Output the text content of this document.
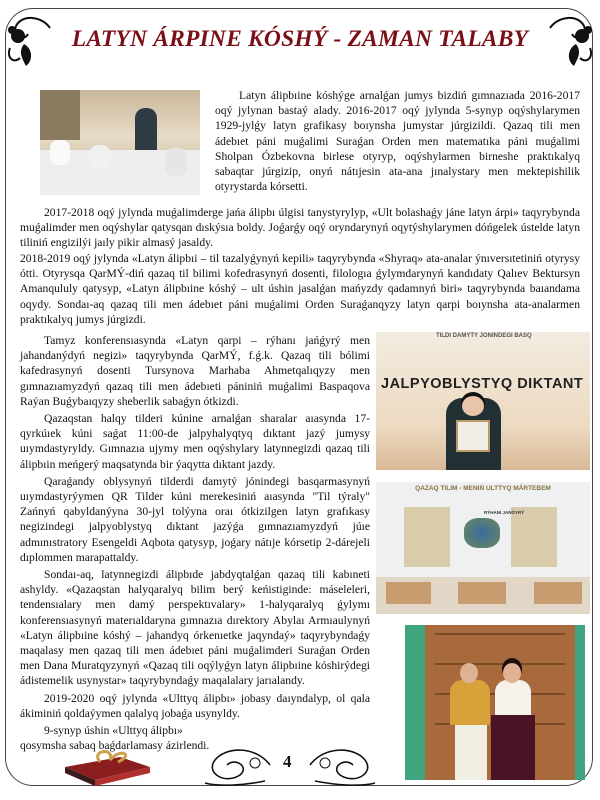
LATYN ÁRPINE KÓSHÝ - ZAMAN TALABY

Latyn álipbıine kóshýge arnalǵan jumys bizdiń gımnazıada 2016-2017 oqý jylynan bastaý alady. 2016-2017 oqý jylynda 5-synyp oqýshylarymen 1929-jylǵy latyn grafikasy boıynsha jumystar júrgizildi. Qazaq tili men ádebıet páni muǵalimi Suraǵan Orden men matematıka páni muǵalimi Sholpan Ózbekovna birlese otyryp, oqýshylarmen birneshe praktıkalyq sabaqtar júrgizip, onyń nátıjesin ata-ana jınalystary men mektepishilik otyrystarda kórsetti.

2017-2018 oqý jylynda muǵalimderge jańa álipbı úlgisi tanystyrylyp, «Ult bolashaǵy jáne latyn árpi» taqyrybynda muǵalimder men oqýshylar qatysqan dıskýsıa boldy. Joǵarǵy oqý oryndarynyń oqytýshylarymen dóńgelek ústelde latyn tiliniń engizilýi jaıly pikir almasý jasaldy.

2018-2019 oqý jylynda «Latyn álipbıi – til tazalyǵynyń kepili» taqyrybynda «Shyraq» ata-analar ýnıversıtetiniń otyrysy ótti. Otyrysqa QarMÝ-diń qazaq til bilimi kofedrasynyń dosenti, filologıa ǵylymdarynyń kandıdaty Qalıev Bektursyn Amanqululy qatysyp, «Latyn álipbıine kóshý – ult úshin jasalǵan mańyzdy qadamnyń biri» taqyrybynda baıandama oqydy. Sondaı-aq qazaq tili men ádebıet páni muǵalimi Orden Suraǵanqyzy latyn qarpi boıynsha ata-analarmen praktıkalyq jumys júrgizdi.

Tamyz konferensıasynda «Latyn qarpi – rýhanı jańǵyrý men jahandanýdyń negizi» taqyrybynda QarMÝ, f.ǵ.k. Qazaq tili bólimi kafedrasynyń dosenti Tursynova Marhaba Ahmetqalıqyzy men gımnazıamyzdyń qazaq tili men ádebıeti pániniń muǵalimi Baspaqova Raýan Buǵybaıqyzy sheberlik sabaǵyn ótkizdi.

Qazaqstan halqy tilderi kúnine arnalǵan sharalar aıasynda 17-qyrkúıek kúni saǵat 11:00-de jalpyhalyqtyq dıktant jazý jumysy uıymdastyryldy. Gımnazıa ujymy men oqýshylary latynnegizdi qazaq tili álipbıin meńgerý maqsatynda bir ýaqytta dıktant jazdy.

Qaraǵandy oblysynyń tilderdi damytý jónindegi basqarmasynyń uıymdastyrýymen QR Tilder kúni merekesiniń aıasynda "Til týraly" Zańnyń qabyldanýyna 30-jyl tolýyna oraı ótkizilgen latyn grafıkasy negizindegi jalpyoblystyq dıktant jazýǵa gımnazıamyzdyń júıe admınıstratory Esengeldi Aqbota qatysyp, joǵary nátıje kórsetip 2-dárejeli dıplommen marapattaldy.

Sondaı-aq, latynnegizdi álipbıde jabdyqtalǵan qazaq tili kabıneti ashyldy. «Qazaqstan halyqaralyq bilim berý keńistiginde: máseleleri, tendensıalary men damý perspektıvalary» 1-halyqaralyq ǵylymı konferensıasynyń materıaldaryna gımnazıa dırektory Abylaı Armıaulynyń «Latyn álipbıine kóshý – jahandyq órkenıetke jaqyndaý» taqyrybyndaǵy maqalasy men qazaq tili men ádebıet páni muǵalimderi Suraǵan Orden men Dana Muratqyzynyń «Qazaq tili oqýlyǵyn latyn álipbıine kóshirýdegi ádistemelik usynystar» taqyrybyndaǵy maqalalary jarıalandy.

2019-2020 oqý jylynda «Ulttyq álipbı» jobasy daıyndalyp, ol qala ákiminiń qoldaýymen qalalyq jobaǵa usynyldy.

9-synyp úshin «Ulttyq álipbı»

qosymsha sabaq baǵdarlamasy ázirlendi.

TILDI DAMYTÝ JÓNINDEGI BASQ
JALPYOBLYSTYQ DIKTANT
QAZAQ TILIM - MENIŃ ULTTYQ MÁRTEBEM
RÝHANI JAŃǴYRÝ
4
